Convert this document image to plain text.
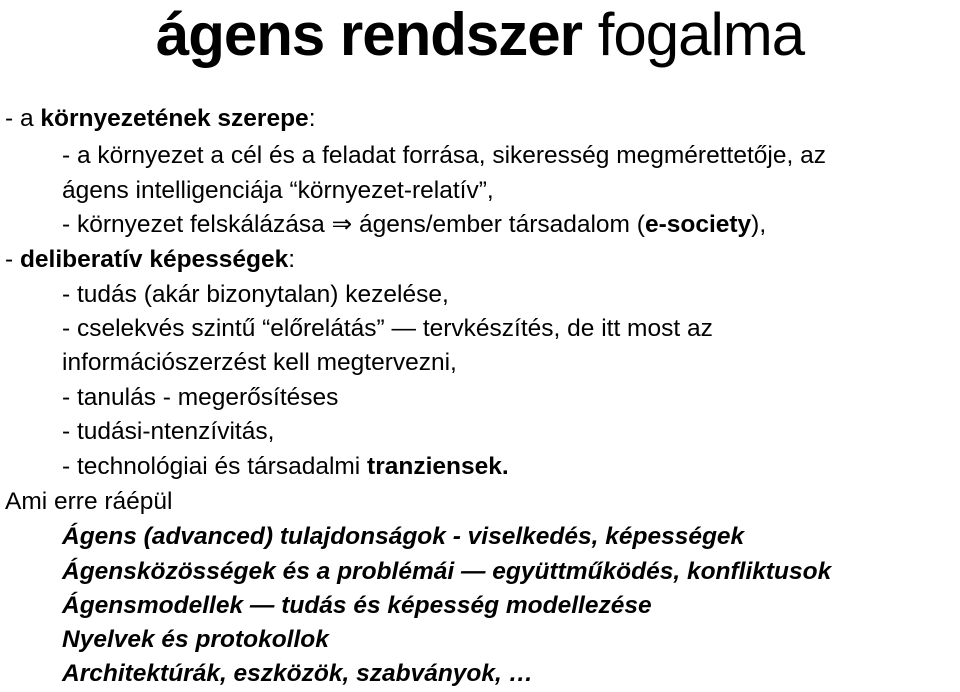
ágens rendszer fogalma
- a környezetének szerepe:
- a környezet a cél és a feladat forrása, sikeresség megmérettetője, az
ágens intelligenciája “környezet-relatív”,
- környezet felskálázása ⇒ ágens/ember társadalom (e-society),
- deliberatív képességek:
- tudás (akár bizonytalan) kezelése,
- cselekvés szintű “előrelátás” — tervkészítés, de itt most az
információszerzést kell megtervezni,
- tanulás - megerősítéses
- tudási-ntenzívitás,
- technológiai és társadalmi tranziensek.
Ami erre ráépül
Ágens (advanced) tulajdonságok - viselkedés, képességek
Ágensközösségek és a problémái — együttműködés, konfliktusok
Ágensmodellek — tudás és képesség modellezése
Nyelvek és protokollok
Architektúrák, eszközök, szabványok, …
